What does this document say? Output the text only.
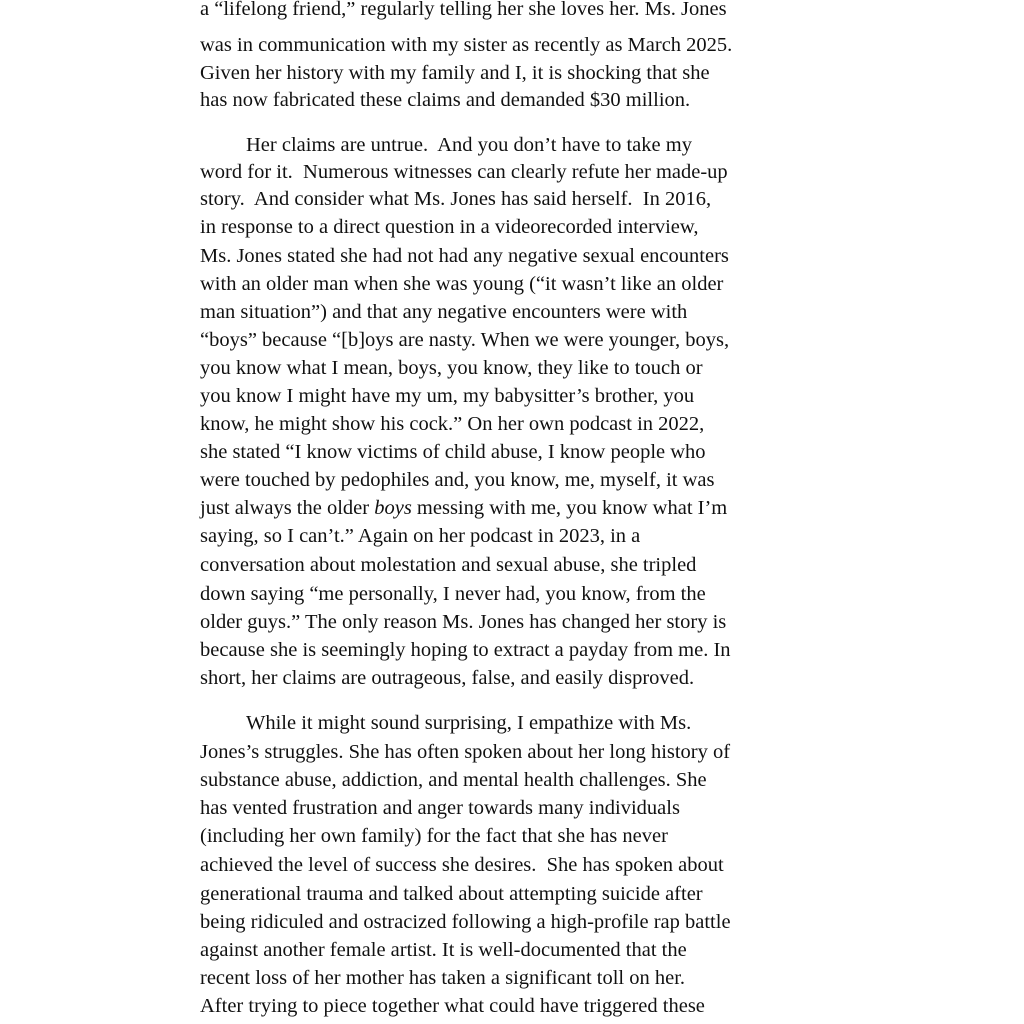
a “lifelong friend,” regularly telling her she loves her. Ms. Jones

was in communication with my sister as recently as March 2025.

Given her history with my family and I, it is shocking that she

has now fabricated these claims and demanded $30 million.

Her claims are untrue.  And you don’t have to take my

word for it.  Numerous witnesses can clearly refute her made-up

story.  And consider what Ms. Jones has said herself.  In 2016,

in response to a direct question in a videorecorded interview,

Ms. Jones stated she had not had any negative sexual encounters

with an older man when she was young (“it wasn’t like an older

man situation”) and that any negative encounters were with

“boys” because “[b]oys are nasty. When we were younger, boys,

you know what I mean, boys, you know, they like to touch or

you know I might have my um, my babysitter’s brother, you

know, he might show his cock.” On her own podcast in 2022,

she stated “I know victims of child abuse, I know people who

were touched by pedophiles and, you know, me, myself, it was

just always the older boys messing with me, you know what I’m

saying, so I can’t.” Again on her podcast in 2023, in a

conversation about molestation and sexual abuse, she tripled

down saying “me personally, I never had, you know, from the

older guys.” The only reason Ms. Jones has changed her story is

because she is seemingly hoping to extract a payday from me. In

short, her claims are outrageous, false, and easily disproved.

While it might sound surprising, I empathize with Ms.

Jones’s struggles. She has often spoken about her long history of

substance abuse, addiction, and mental health challenges. She

has vented frustration and anger towards many individuals

(including her own family) for the fact that she has never

achieved the level of success she desires.  She has spoken about

generational trauma and talked about attempting suicide after

being ridiculed and ostracized following a high-profile rap battle

against another female artist. It is well-documented that the

recent loss of her mother has taken a significant toll on her.

After trying to piece together what could have triggered these
